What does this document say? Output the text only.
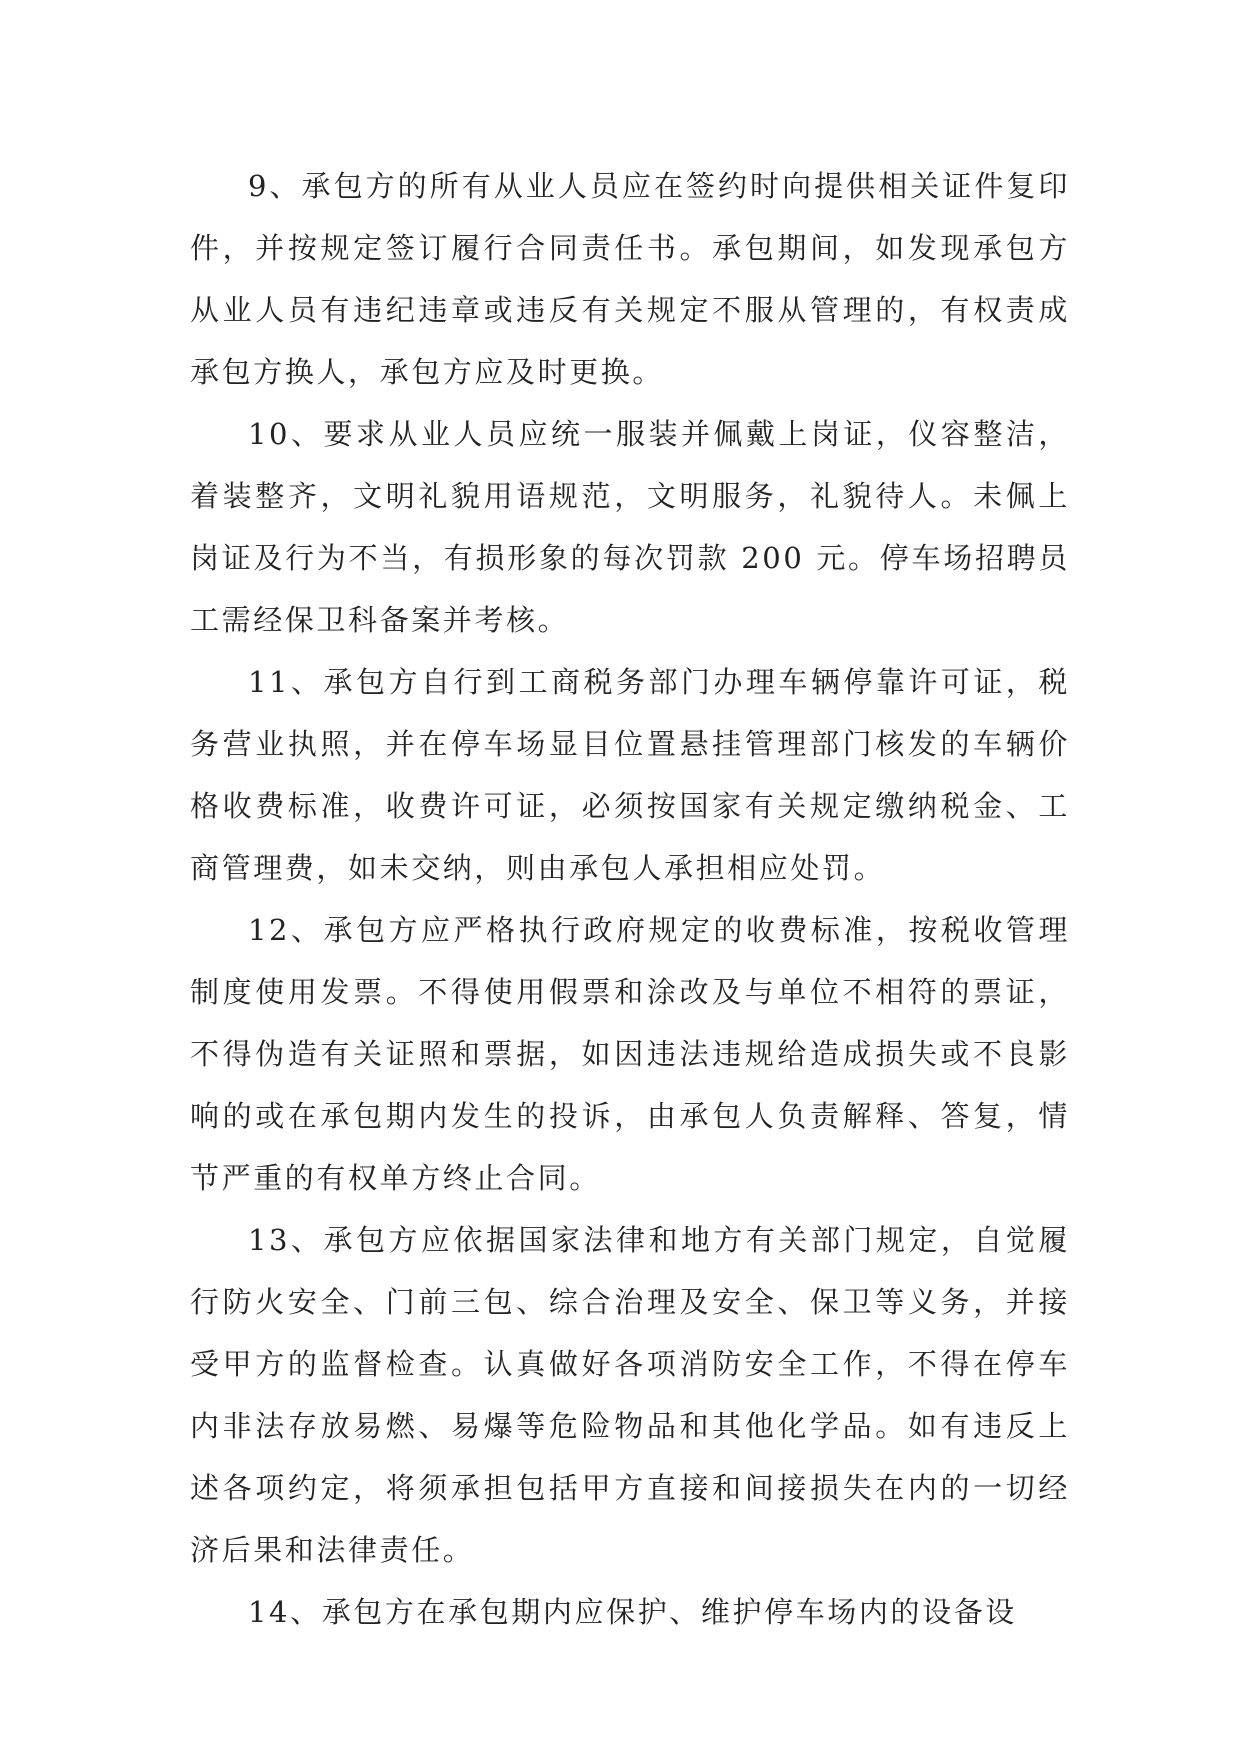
9、承包方的所有从业人员应在签约时向提供相关证件复印件，并按规定签订履行合同责任书。承包期间，如发现承包方从业人员有违纪违章或违反有关规定不服从管理的，有权责成承包方换人，承包方应及时更换。

10、要求从业人员应统一服装并佩戴上岗证，仪容整洁，着装整齐，文明礼貌用语规范，文明服务，礼貌待人。未佩上岗证及行为不当，有损形象的每次罚款 200 元。停车场招聘员工需经保卫科备案并考核。

11、承包方自行到工商税务部门办理车辆停靠许可证，税务营业执照，并在停车场显目位置悬挂管理部门核发的车辆价格收费标准，收费许可证，必须按国家有关规定缴纳税金、工商管理费，如未交纳，则由承包人承担相应处罚。

12、承包方应严格执行政府规定的收费标准，按税收管理制度使用发票。不得使用假票和涂改及与单位不相符的票证，不得伪造有关证照和票据，如因违法违规给造成损失或不良影响的或在承包期内发生的投诉，由承包人负责解释、答复，情节严重的有权单方终止合同。

13、承包方应依据国家法律和地方有关部门规定，自觉履行防火安全、门前三包、综合治理及安全、保卫等义务，并接受甲方的监督检查。认真做好各项消防安全工作，不得在停车内非法存放易燃、易爆等危险物品和其他化学品。如有违反上述各项约定，将须承担包括甲方直接和间接损失在内的一切经济后果和法律责任。

14、承包方在承包期内应保护、维护停车场内的设备设
